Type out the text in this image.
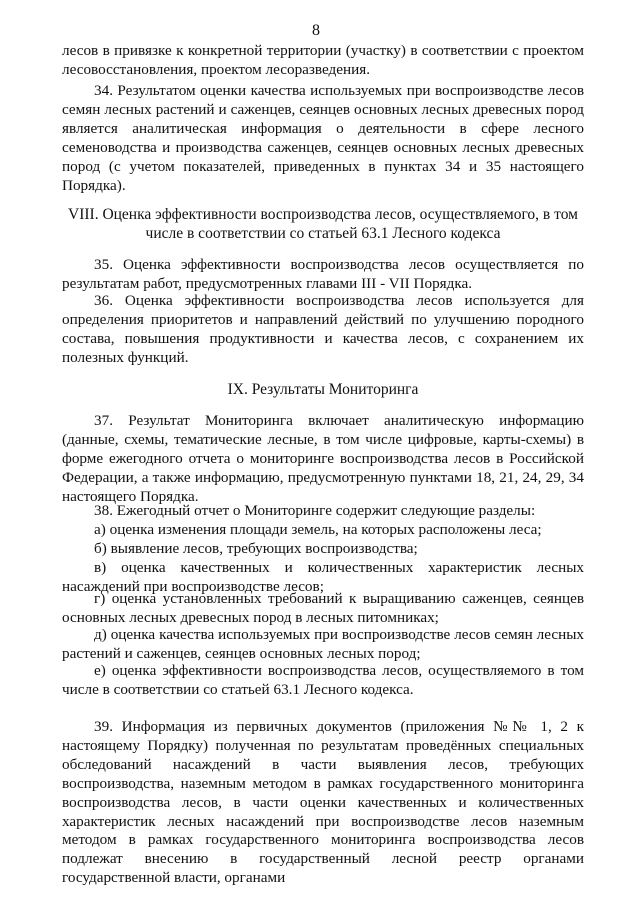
8
лесов в привязке к конкретной территории (участку) в соответствии с проектом лесовосстановления, проектом лесоразведения.
34. Результатом оценки качества используемых при воспроизводстве лесов семян лесных растений и саженцев, сеянцев основных лесных древесных пород является аналитическая информация о деятельности в сфере лесного семеноводства и производства саженцев, сеянцев основных лесных древесных пород (с учетом показателей, приведенных в пунктах 34 и 35 настоящего Порядка).
VIII. Оценка эффективности воспроизводства лесов, осуществляемого, в том числе в соответствии со статьей 63.1 Лесного кодекса
35. Оценка эффективности воспроизводства лесов осуществляется по результатам работ, предусмотренных главами III - VII Порядка.
36. Оценка эффективности воспроизводства лесов используется для определения приоритетов и направлений действий по улучшению породного состава, повышения продуктивности и качества лесов, с сохранением их полезных функций.
IX. Результаты Мониторинга
37. Результат Мониторинга включает аналитическую информацию (данные, схемы, тематические лесные, в том числе цифровые, карты-схемы) в форме ежегодного отчета о мониторинге воспроизводства лесов в Российской Федерации, а также информацию, предусмотренную пунктами 18, 21, 24, 29, 34 настоящего Порядка.
38. Ежегодный отчет о Мониторинге содержит следующие разделы:
а) оценка изменения площади земель, на которых расположены леса;
б) выявление лесов, требующих воспроизводства;
в) оценка качественных и количественных характеристик лесных насаждений при воспроизводстве лесов;
г) оценка установленных требований к выращиванию саженцев, сеянцев основных лесных древесных пород в лесных питомниках;
д) оценка качества используемых при воспроизводстве лесов семян лесных растений и саженцев, сеянцев основных лесных пород;
е) оценка эффективности воспроизводства лесов, осуществляемого в том числе в соответствии со статьей 63.1 Лесного кодекса.
39. Информация из первичных документов (приложения №№ 1, 2 к настоящему Порядку) полученная по результатам проведённых специальных обследований насаждений в части выявления лесов, требующих воспроизводства, наземным методом в рамках государственного мониторинга воспроизводства лесов, в части оценки качественных и количественных характеристик лесных насаждений при воспроизводстве лесов наземным методом в рамках государственного мониторинга воспроизводства лесов подлежат внесению в государственный лесной реестр органами государственной власти, органами
